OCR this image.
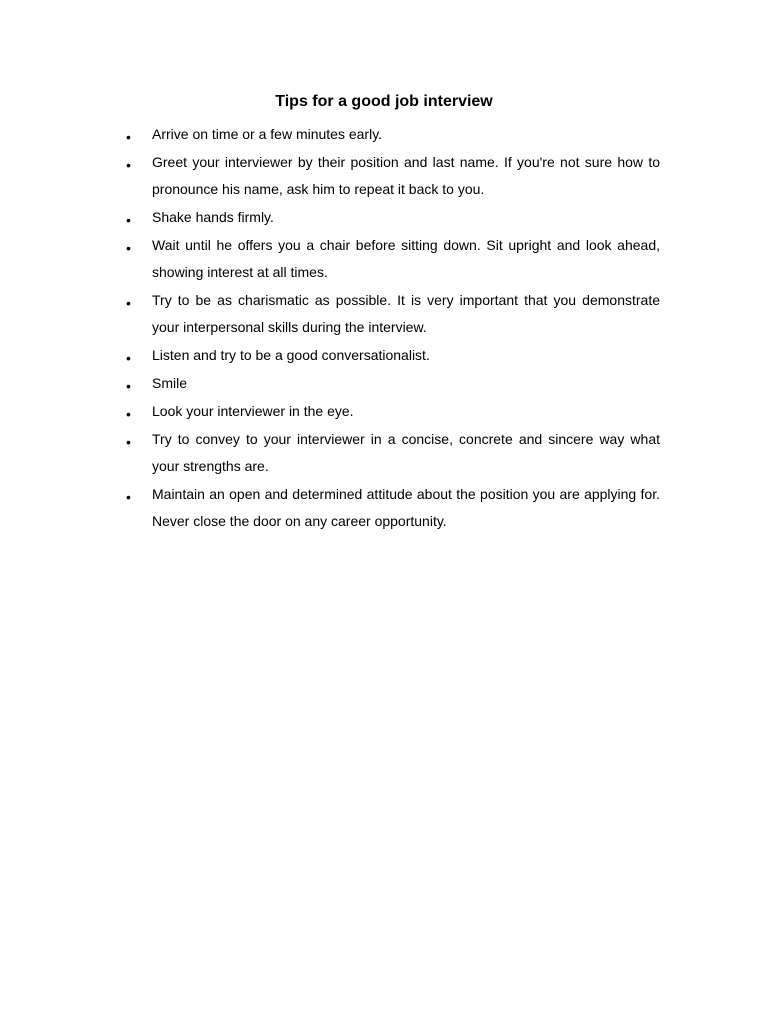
Tips for a good job interview
• Arrive on time or a few minutes early.
• Greet your interviewer by their position and last name. If you're not sure how to pronounce his name, ask him to repeat it back to you.
• Shake hands firmly.
• Wait until he offers you a chair before sitting down. Sit upright and look ahead, showing interest at all times.
• Try to be as charismatic as possible. It is very important that you demonstrate your interpersonal skills during the interview.
• Listen and try to be a good conversationalist.
• Smile
• Look your interviewer in the eye.
• Try to convey to your interviewer in a concise, concrete and sincere way what your strengths are.
• Maintain an open and determined attitude about the position you are applying for. Never close the door on any career opportunity.
